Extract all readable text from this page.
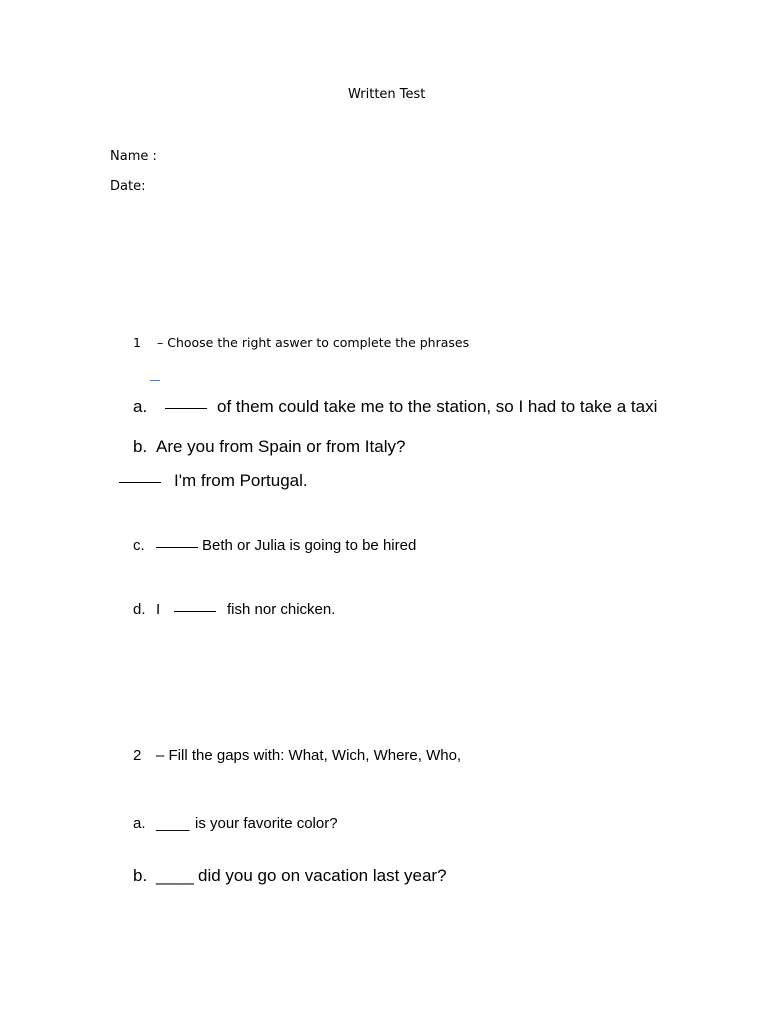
Written Test
Name :
Date:
1 – Choose the right aswer to complete the phrases
a.	of them could take me to the station, so I had to take a taxi
b. Are you from Spain or from Italy?
I'm from Portugal.
c.	Beth or Julia is going to be hired
d. I	fish nor chicken.
2 – Fill the gaps with: What, Wich, Where, Who,
a. ____ is your favorite color?
b. ____ did you go on vacation last year?
